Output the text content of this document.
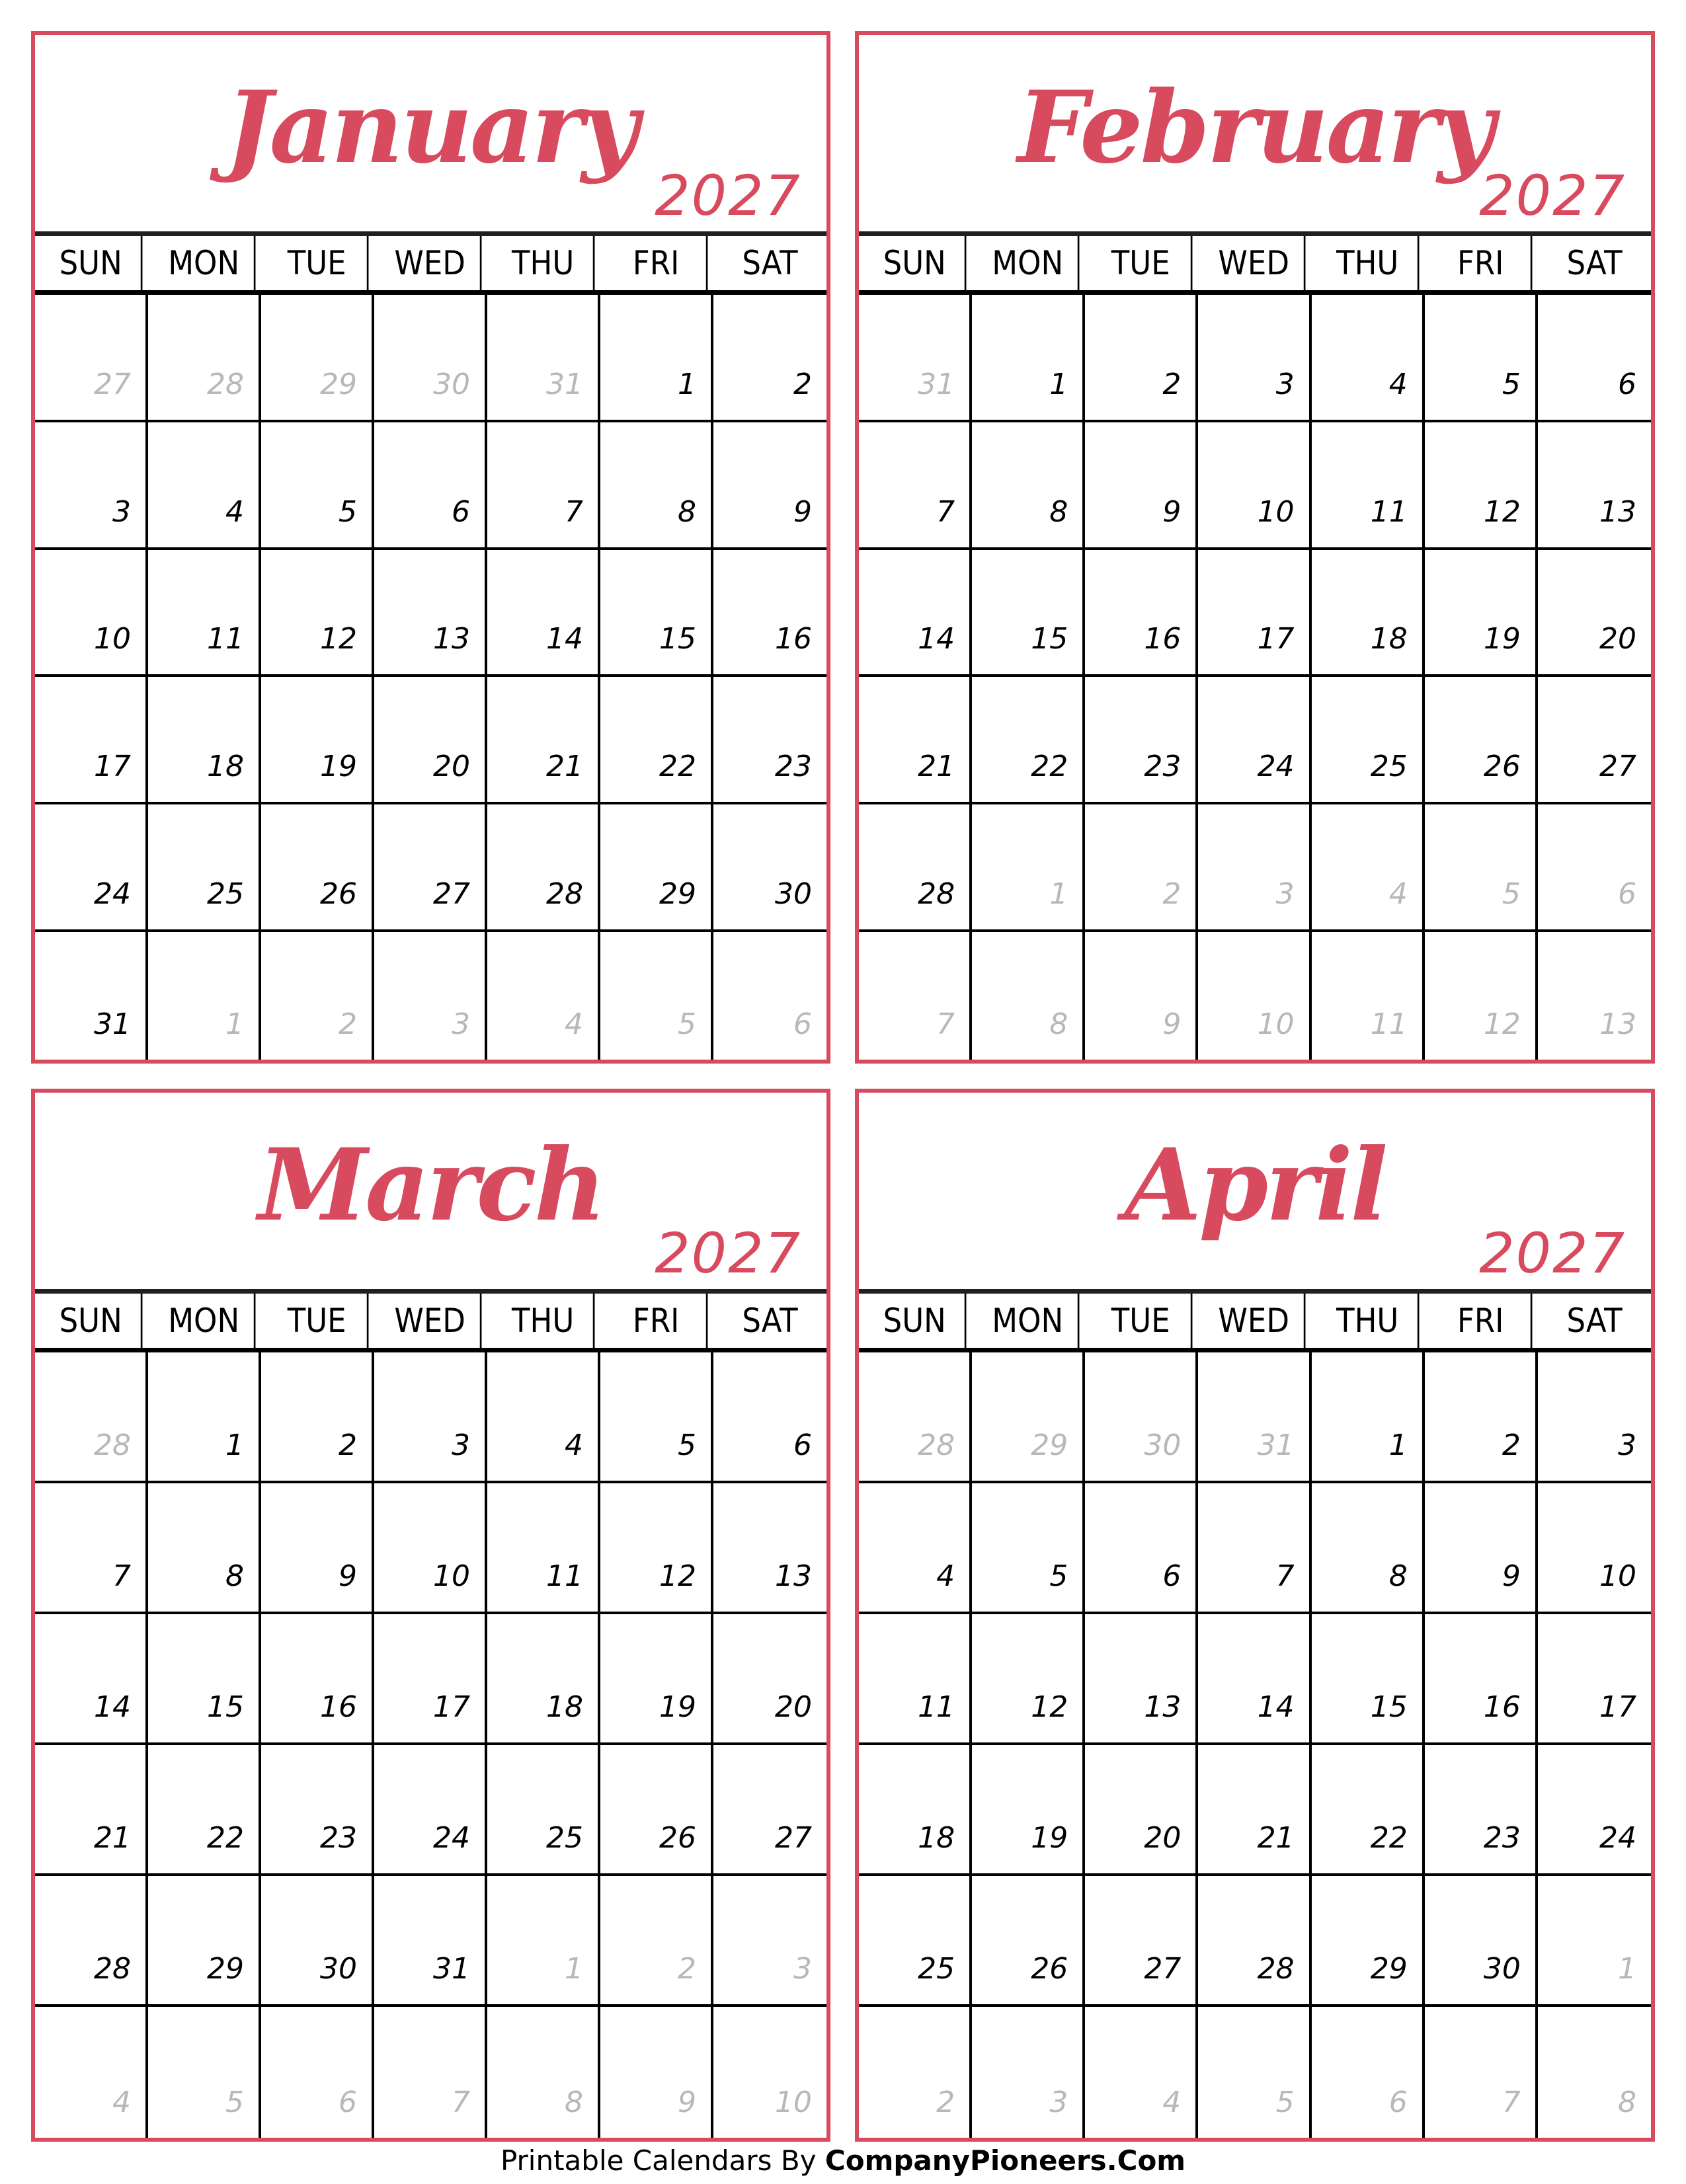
January
2027
SUN	MON	TUE	WED	THU	FRI	SAT
27	28	29	30	31	1	2
3	4	5	6	7	8	9
10	11	12	13	14	15	16
17	18	19	20	21	22	23
24	25	26	27	28	29	30
31	1	2	3	4	5	6
February
2027
SUN	MON	TUE	WED	THU	FRI	SAT
31	1	2	3	4	5	6
7	8	9	10	11	12	13
14	15	16	17	18	19	20
21	22	23	24	25	26	27
28	1	2	3	4	5	6
7	8	9	10	11	12	13
March
2027
SUN	MON	TUE	WED	THU	FRI	SAT
28	1	2	3	4	5	6
7	8	9	10	11	12	13
14	15	16	17	18	19	20
21	22	23	24	25	26	27
28	29	30	31	1	2	3
4	5	6	7	8	9	10
April
2027
SUN	MON	TUE	WED	THU	FRI	SAT
28	29	30	31	1	2	3
4	5	6	7	8	9	10
11	12	13	14	15	16	17
18	19	20	21	22	23	24
25	26	27	28	29	30	1
2	3	4	5	6	7	8
Printable Calendars By CompanyPioneers.Com
